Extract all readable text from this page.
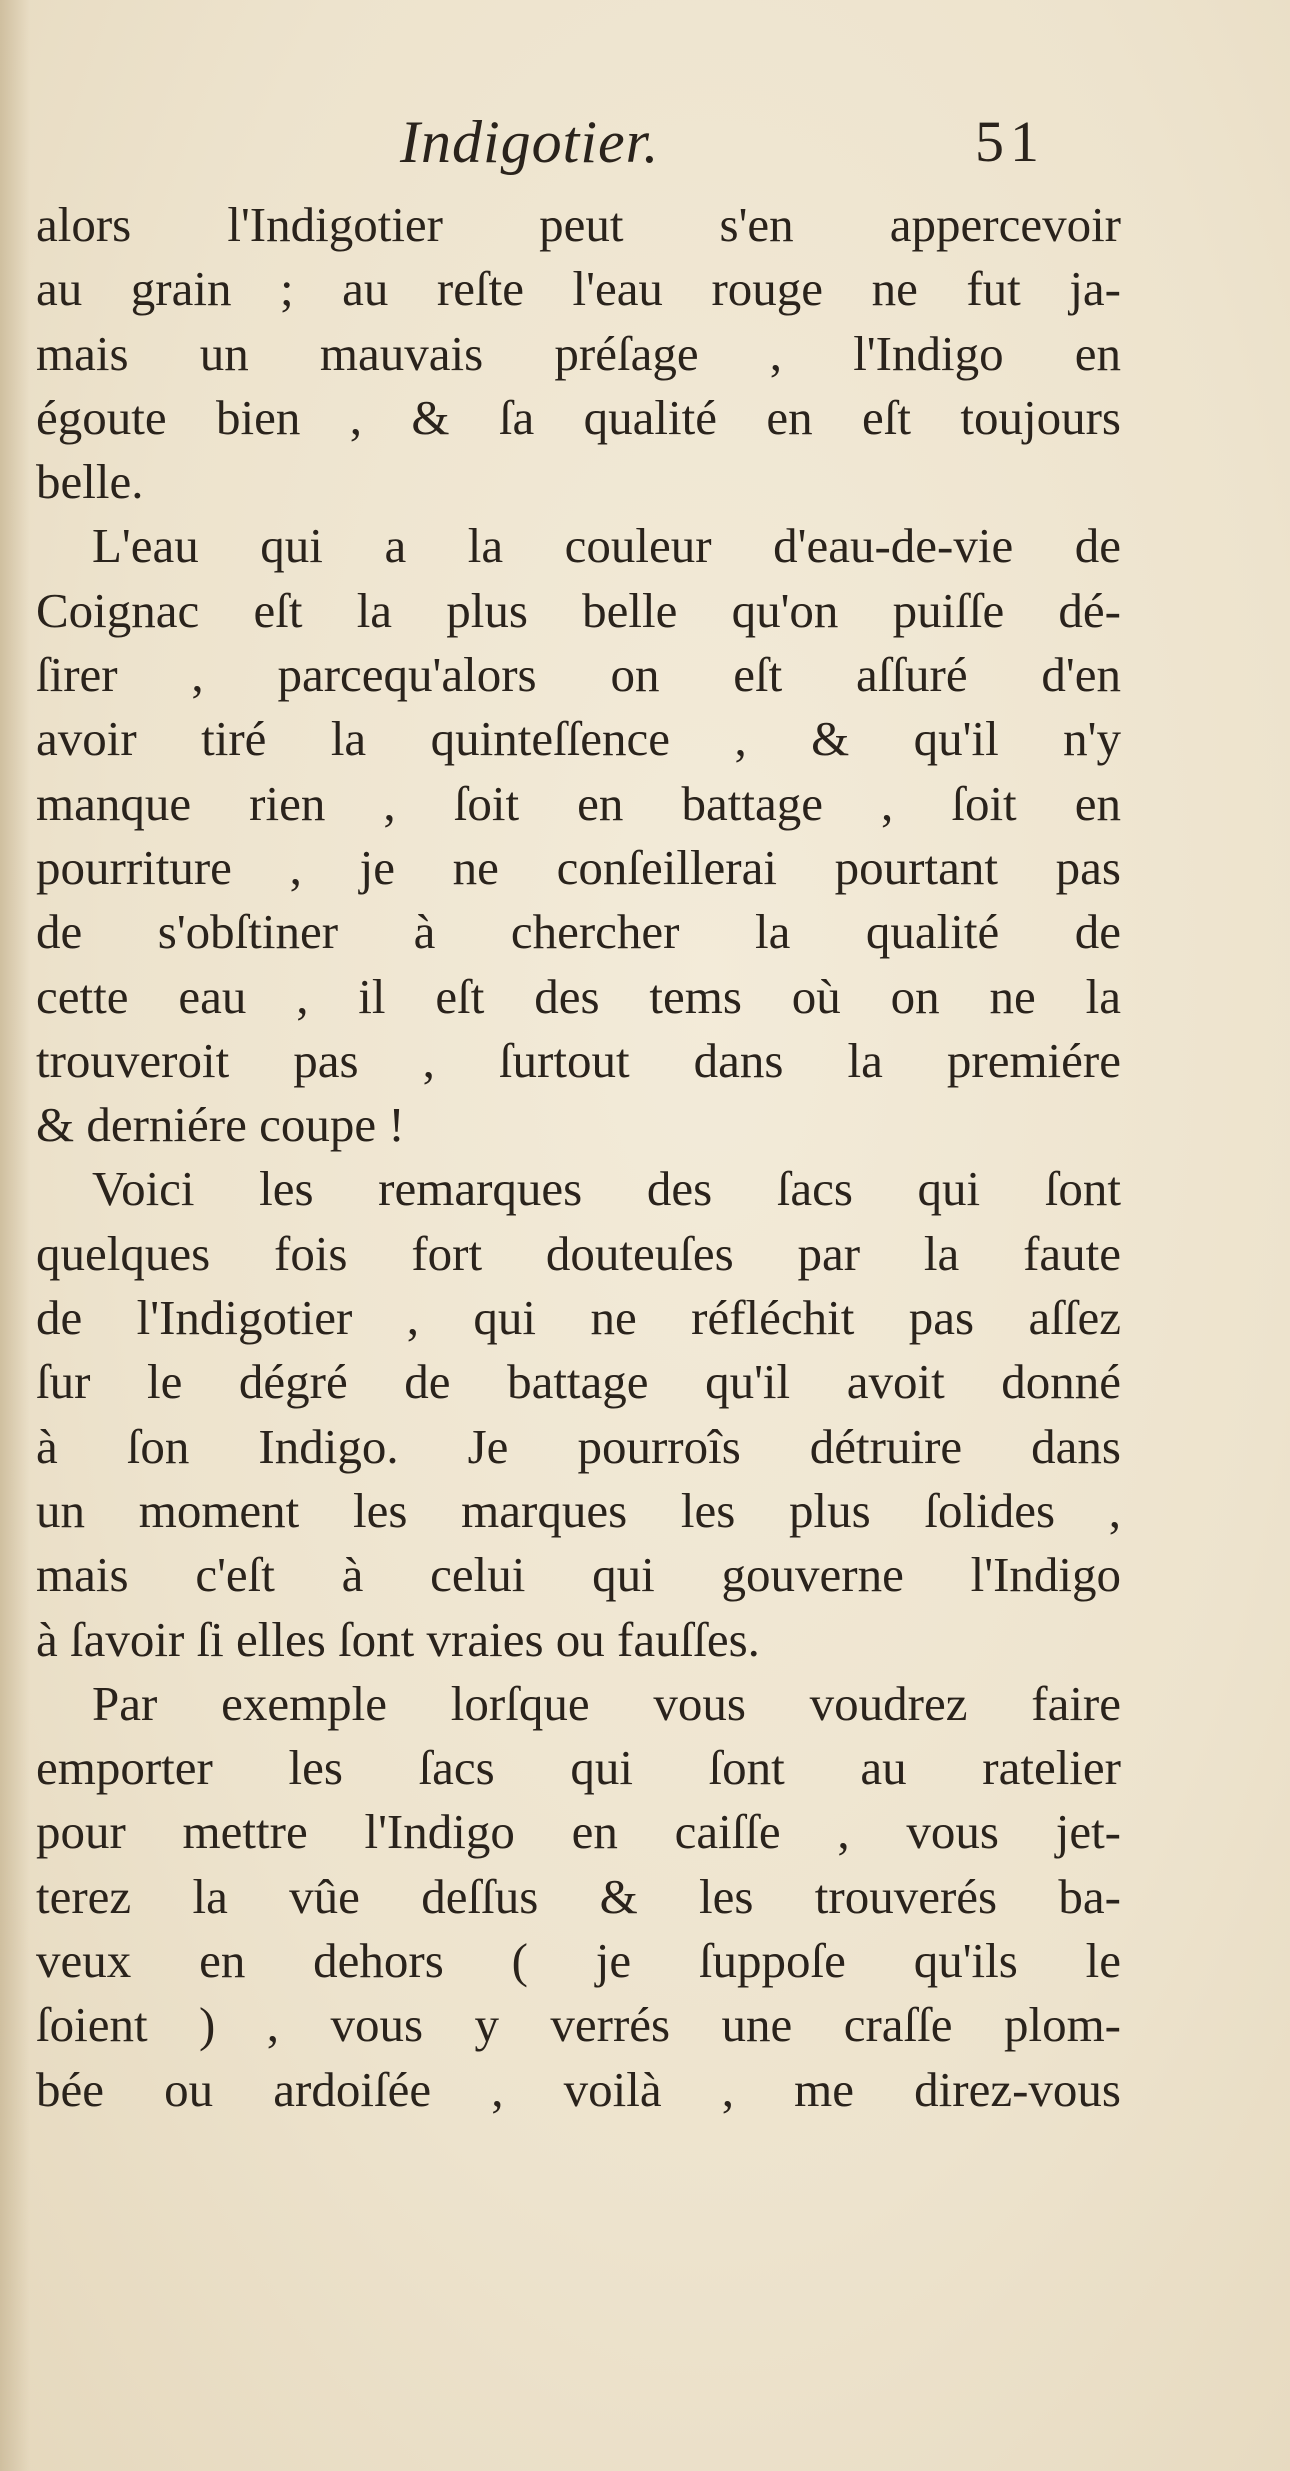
Indigotier.	51
alors l'Indigotier peut s'en appercevoir
au grain ; au reſte l'eau rouge ne fut ja-
mais un mauvais préſage , l'Indigo en
égoute bien , & ſa qualité en eſt toujours
belle.
L'eau qui a la couleur d'eau-de-vie de
Coignac eſt la plus belle qu'on puiſſe dé-
ſirer , parcequ'alors on eſt aſſuré d'en
avoir tiré la quinteſſence , & qu'il n'y
manque rien , ſoit en battage , ſoit en
pourriture , je ne conſeillerai pourtant pas
de s'obſtiner à chercher la qualité de
cette eau , il eſt des tems où on ne la
trouveroit pas , ſurtout dans la premiére
& derniére coupe !
Voici les remarques des ſacs qui ſont
quelques fois fort douteuſes par la faute
de l'Indigotier , qui ne réfléchit pas aſſez
ſur le dégré de battage qu'il avoit donné
à ſon Indigo. Je pourroîs détruire dans
un moment les marques les plus ſolides ,
mais c'eſt à celui qui gouverne l'Indigo
à ſavoir ſi elles ſont vraies ou fauſſes.
Par exemple lorſque vous voudrez faire
emporter les ſacs qui ſont au ratelier
pour mettre l'Indigo en caiſſe , vous jet-
terez la vûe deſſus & les trouverés ba-
veux en dehors ( je ſuppoſe qu'ils le
ſoient ) , vous y verrés une craſſe plom-
bée ou ardoiſée , voilà , me direz-vous
